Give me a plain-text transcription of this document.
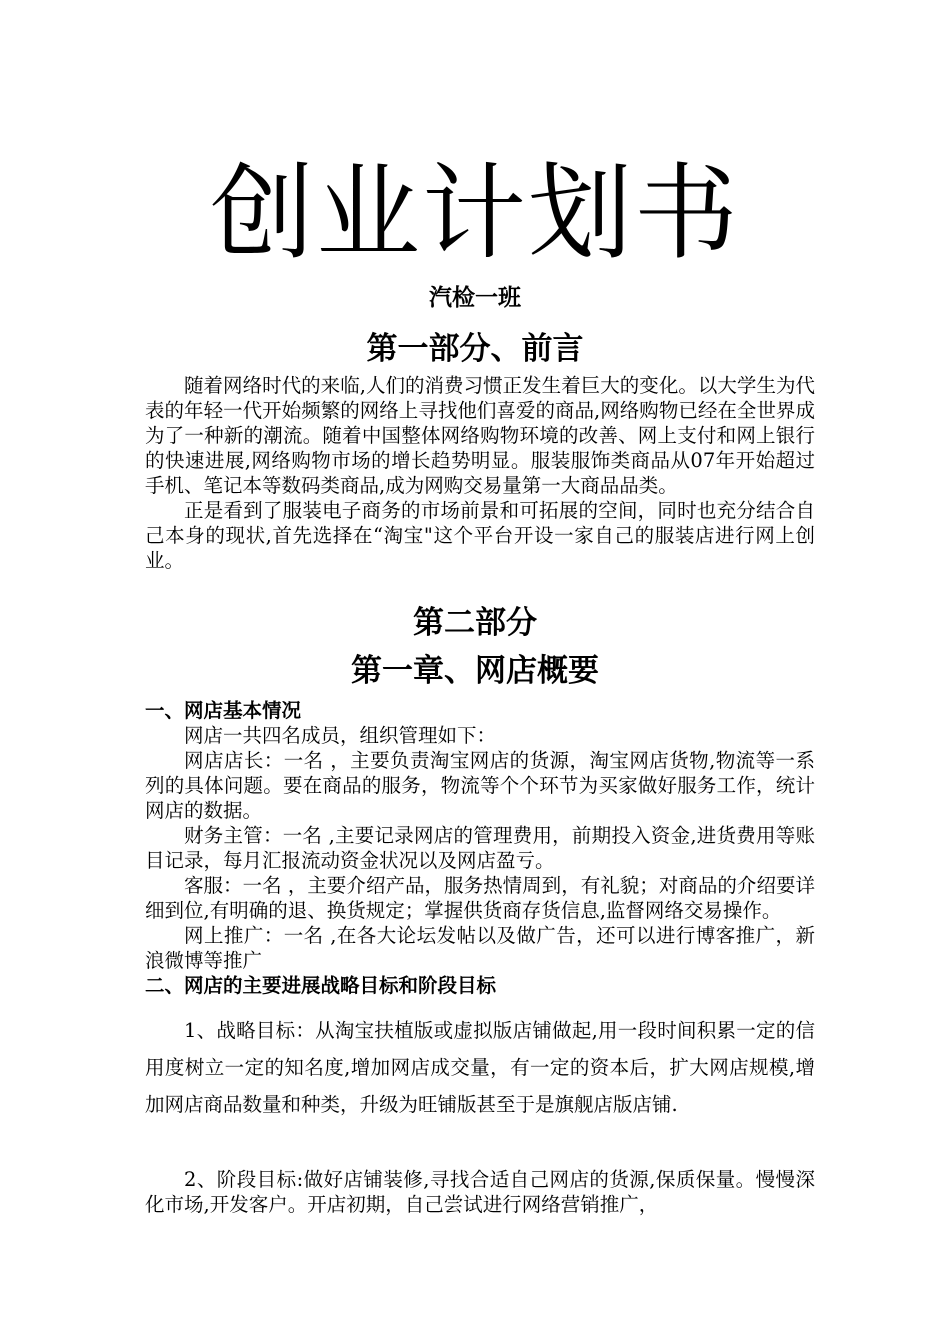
创业计划书
汽检一班
第一部分、前言

随着网络时代的来临,人们的消费习惯正发生着巨大的变化。以大学生为代表的年轻一代开始频繁的网络上寻找他们喜爱的商品,网络购物已经在全世界成为了一种新的潮流。随着中国整体网络购物环境的改善、网上支付和网上银行的快速进展,网络购物市场的增长趋势明显。服装服饰类商品从07年开始超过手机、笔记本等数码类商品,成为网购交易量第一大商品品类。

正是看到了服装电子商务的市场前景和可拓展的空间，同时也充分结合自己本身的现状,首先选择在“淘宝"这个平台开设一家自己的服装店进行网上创业。

第二部分
第一章、网店概要

一、网店基本情况

网店一共四名成员，组织管理如下：

网店店长：一名 ，主要负责淘宝网店的货源，淘宝网店货物,物流等一系列的具体问题。要在商品的服务，物流等个个环节为买家做好服务工作，统计网店的数据。

财务主管：一名 ,主要记录网店的管理费用，前期投入资金,进货费用等账目记录，每月汇报流动资金状况以及网店盈亏。

客服：一名 ，主要介绍产品，服务热情周到，有礼貌；对商品的介绍要详细到位,有明确的退、换货规定；掌握供货商存货信息,监督网络交易操作。

网上推广：一名 ,在各大论坛发帖以及做广告，还可以进行博客推广，新浪微博等推广

二、网店的主要进展战略目标和阶段目标

1、战略目标：从淘宝扶植版或虚拟版店铺做起,用一段时间积累一定的信用度树立一定的知名度,增加网店成交量，有一定的资本后，扩大网店规模,增加网店商品数量和种类，升级为旺铺版甚至于是旗舰店版店铺.

2、阶段目标:做好店铺装修,寻找合适自己网店的货源,保质保量。慢慢深化市场,开发客户。开店初期，自己尝试进行网络营销推广，
